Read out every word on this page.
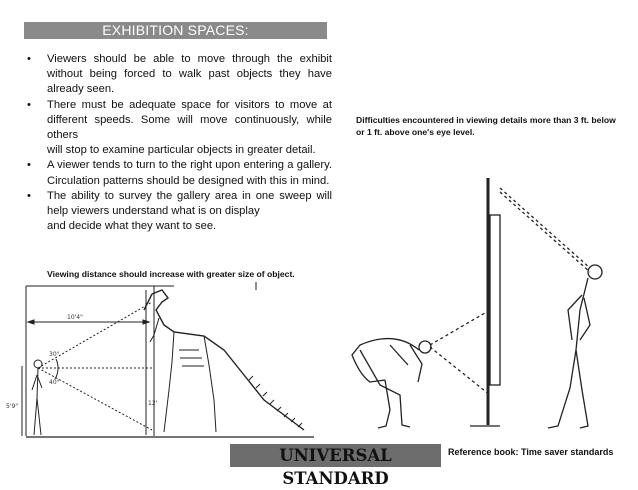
EXHIBITION SPACES:
• Viewers should be able to move through the exhibit without being forced to walk past objects they have already seen.
• There must be adequate space for visitors to move at different speeds. Some will move continuously, while others
will stop to examine particular objects in greater detail.
• A viewer tends to turn to the right upon entering a gallery. Circulation patterns should be designed with this in mind.
• The ability to survey the gallery area in one sweep will help viewers understand what is on display
and decide what they want to see.
Viewing distance should increase with greater size of object.
Difficulties encountered in viewing details more than 3 ft. below or 1 ft. above one's eye level.
10'4"
30°
40°
5'9"	12'
UNIVERSAL STANDARD
Reference book: Time saver standards
